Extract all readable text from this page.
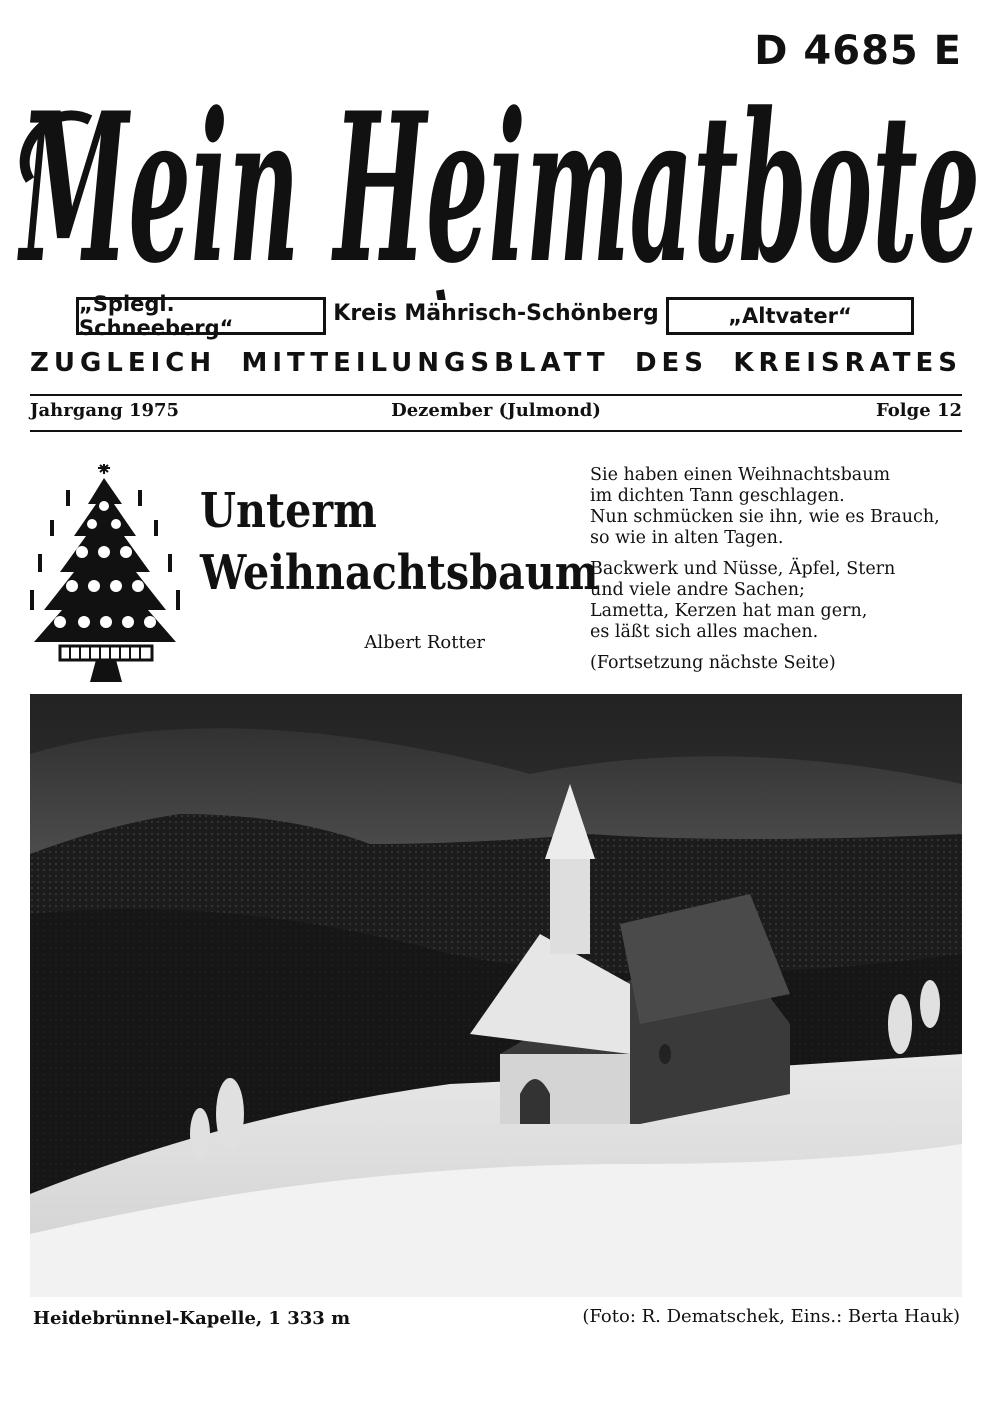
D 4685 E
Mein Heimatbote
„Spiegl. Schneeberg“
Kreis Mährisch-Schönberg	„Altvater“
ZUGLEICH MITTEILUNGSBLATT DES KREISRATES
Dezember (Julmond)
Jahrgang 1975	Folge 12
Unterm
Weihnachtsbaum
Albert Rotter
Sie haben einen Weihnachtsbaum
im dichten Tann geschlagen.
Nun schmücken sie ihn, wie es Brauch,
so wie in alten Tagen.
Backwerk und Nüsse, Äpfel, Stern
und viele andre Sachen;
Lametta, Kerzen hat man gern,
es läßt sich alles machen.
(Fortsetzung nächste Seite)
Heidebrünnel-Kapelle, 1 333 m	(Foto: R. Dematschek, Eins.: Berta Hauk)
